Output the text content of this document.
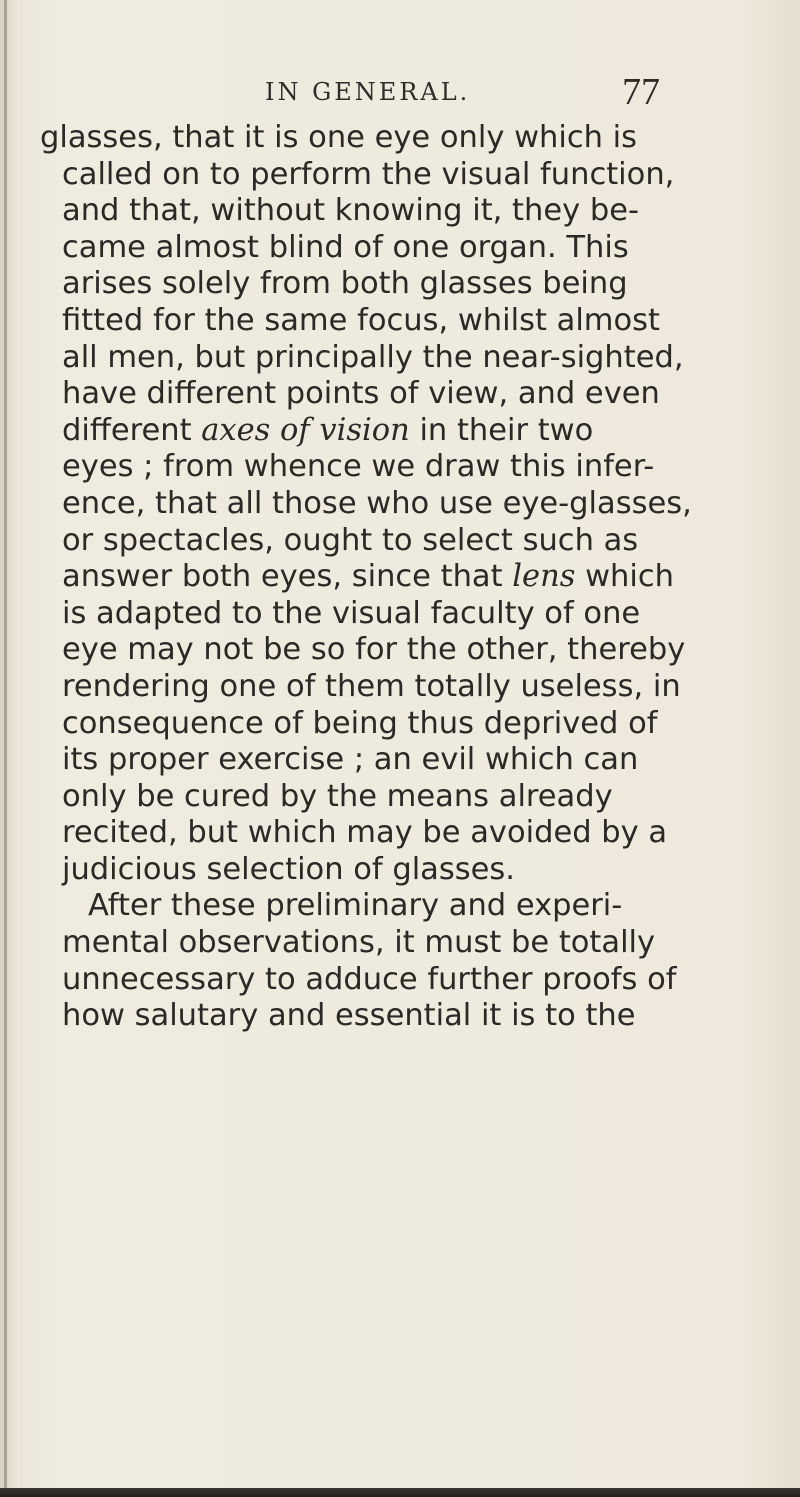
IN GENERAL.	77
glasses, that it is one eye only which is
called on to perform the visual function,
and that, without knowing it, they be-
came almost blind of one organ. This
arises solely from both glasses being
fitted for the same focus, whilst almost
all men, but principally the near-sighted,
have different points of view, and even
different axes of vision in their two
eyes ; from whence we draw this infer-
ence, that all those who use eye-glasses,
or spectacles, ought to select such as
answer both eyes, since that lens which
is adapted to the visual faculty of one
eye may not be so for the other, thereby
rendering one of them totally useless, in
consequence of being thus deprived of
its proper exercise ; an evil which can
only be cured by the means already
recited, but which may be avoided by a
judicious selection of glasses.
After these preliminary and experi-
mental observations, it must be totally
unnecessary to adduce further proofs of
how salutary and essential it is to the
